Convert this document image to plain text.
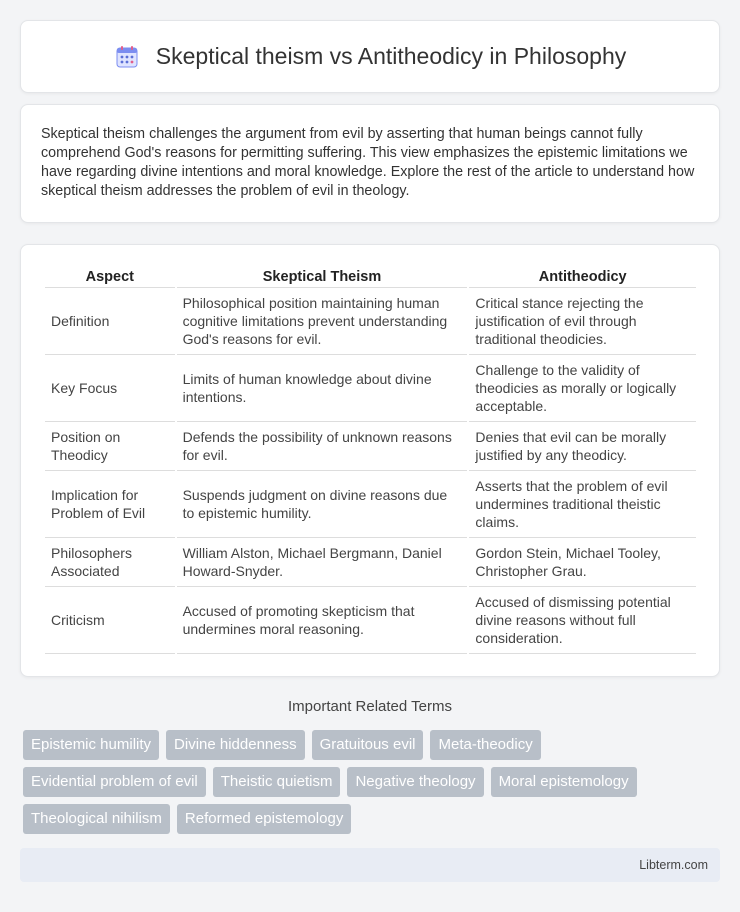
Skeptical theism vs Antitheodicy in Philosophy

Skeptical theism challenges the argument from evil by asserting that human beings cannot fully comprehend God's reasons for permitting suffering. This view emphasizes the epistemic limitations we have regarding divine intentions and moral knowledge. Explore the rest of the article to understand how skeptical theism addresses the problem of evil in theology.

Aspect	Skeptical Theism	Antitheodicy
Definition	Philosophical position maintaining human cognitive limitations prevent understanding God's reasons for evil.	Critical stance rejecting the justification of evil through traditional theodicies.
Key Focus	Limits of human knowledge about divine intentions.	Challenge to the validity of theodicies as morally or logically acceptable.
Position on Theodicy	Defends the possibility of unknown reasons for evil.	Denies that evil can be morally justified by any theodicy.
Implication for Problem of Evil	Suspends judgment on divine reasons due to epistemic humility.	Asserts that the problem of evil undermines traditional theistic claims.
Philosophers Associated	William Alston, Michael Bergmann, Daniel Howard-Snyder.	Gordon Stein, Michael Tooley, Christopher Grau.
Criticism	Accused of promoting skepticism that undermines moral reasoning.	Accused of dismissing potential divine reasons without full consideration.
Important Related Terms
Epistemic humility	Divine hiddenness	Gratuitous evil	Meta-theodicy
Evidential problem of evil	Theistic quietism	Negative theology	Moral epistemology
Theological nihilism	Reformed epistemology
Libterm.com
